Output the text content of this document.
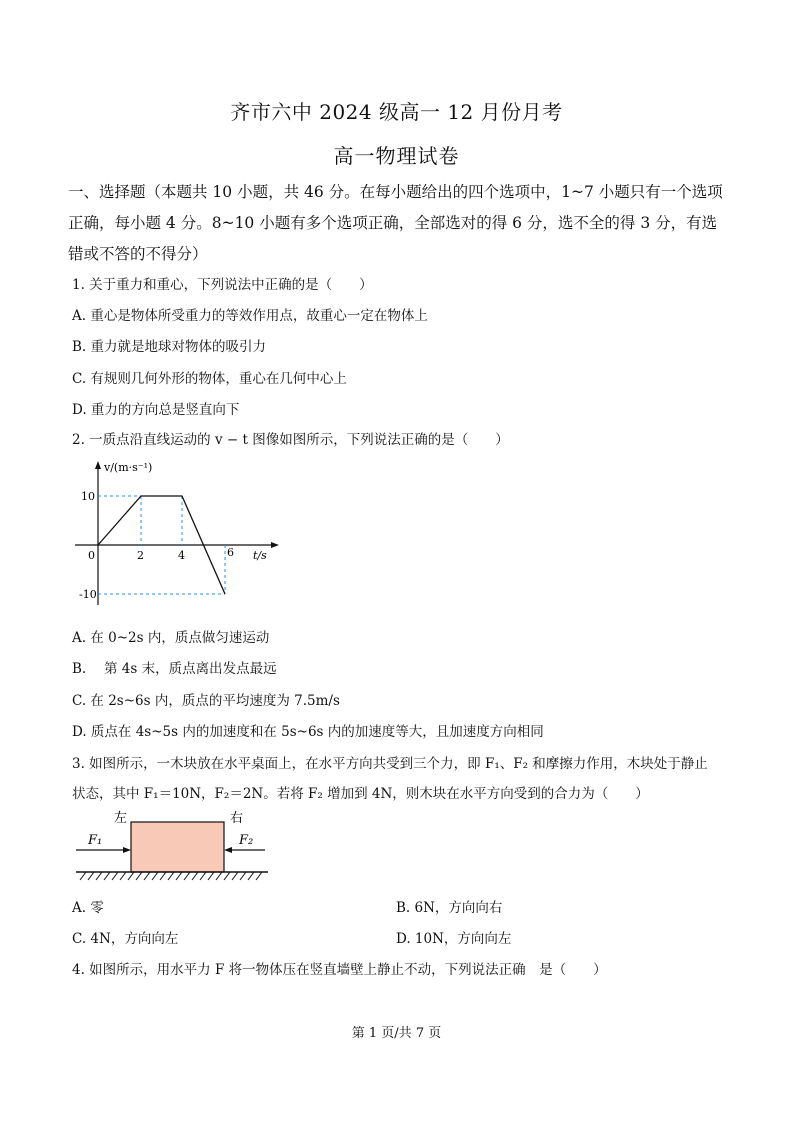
齐市六中 2024 级高一 12 月份月考
高一物理试卷
一、选择题（本题共 10 小题，共 46 分。在每小题给出的四个选项中，1~7 小题只有一个选项
正确，每小题 4 分。8~10 小题有多个选项正确，全部选对的得 6 分，选不全的得 3 分，有选
错或不答的不得分）
1. 关于重力和重心，下列说法中正确的是（　　）
A. 重心是物体所受重力的等效作用点，故重心一定在物体上
B. 重力就是地球对物体的吸引力
C. 有规则几何外形的物体，重心在几何中心上
D. 重力的方向总是竖直向下
2. 一质点沿直线运动的 v − t 图像如图所示，下列说法正确的是（　　）
v/(m·s⁻¹)
t/s
0
10
-10
2	4	6
A. 在 0~2s 内，质点做匀速运动
B.　 第 4s 末，质点离出发点最远
C. 在 2s~6s 内，质点的平均速度为 7.5m/s
D. 质点在 4s~5s 内的加速度和在 5s~6s 内的加速度等大，且加速度方向相同
3. 如图所示，一木块放在水平桌面上，在水平方向共受到三个力，即 F₁、F₂ 和摩擦力作用，木块处于静止
状态，其中 F₁＝10N，F₂＝2N。若将 F₂ 增加到 4N，则木块在水平方向受到的合力为（　　）
左	右
F₁	F₂
A. 零	B. 6N，方向向右
C. 4N，方向向左	D. 10N，方向向左
4. 如图所示，用水平力 F 将一物体压在竖直墙壁上静止不动，下列说法正确　是（　　）
第 1 页/共 7 页
